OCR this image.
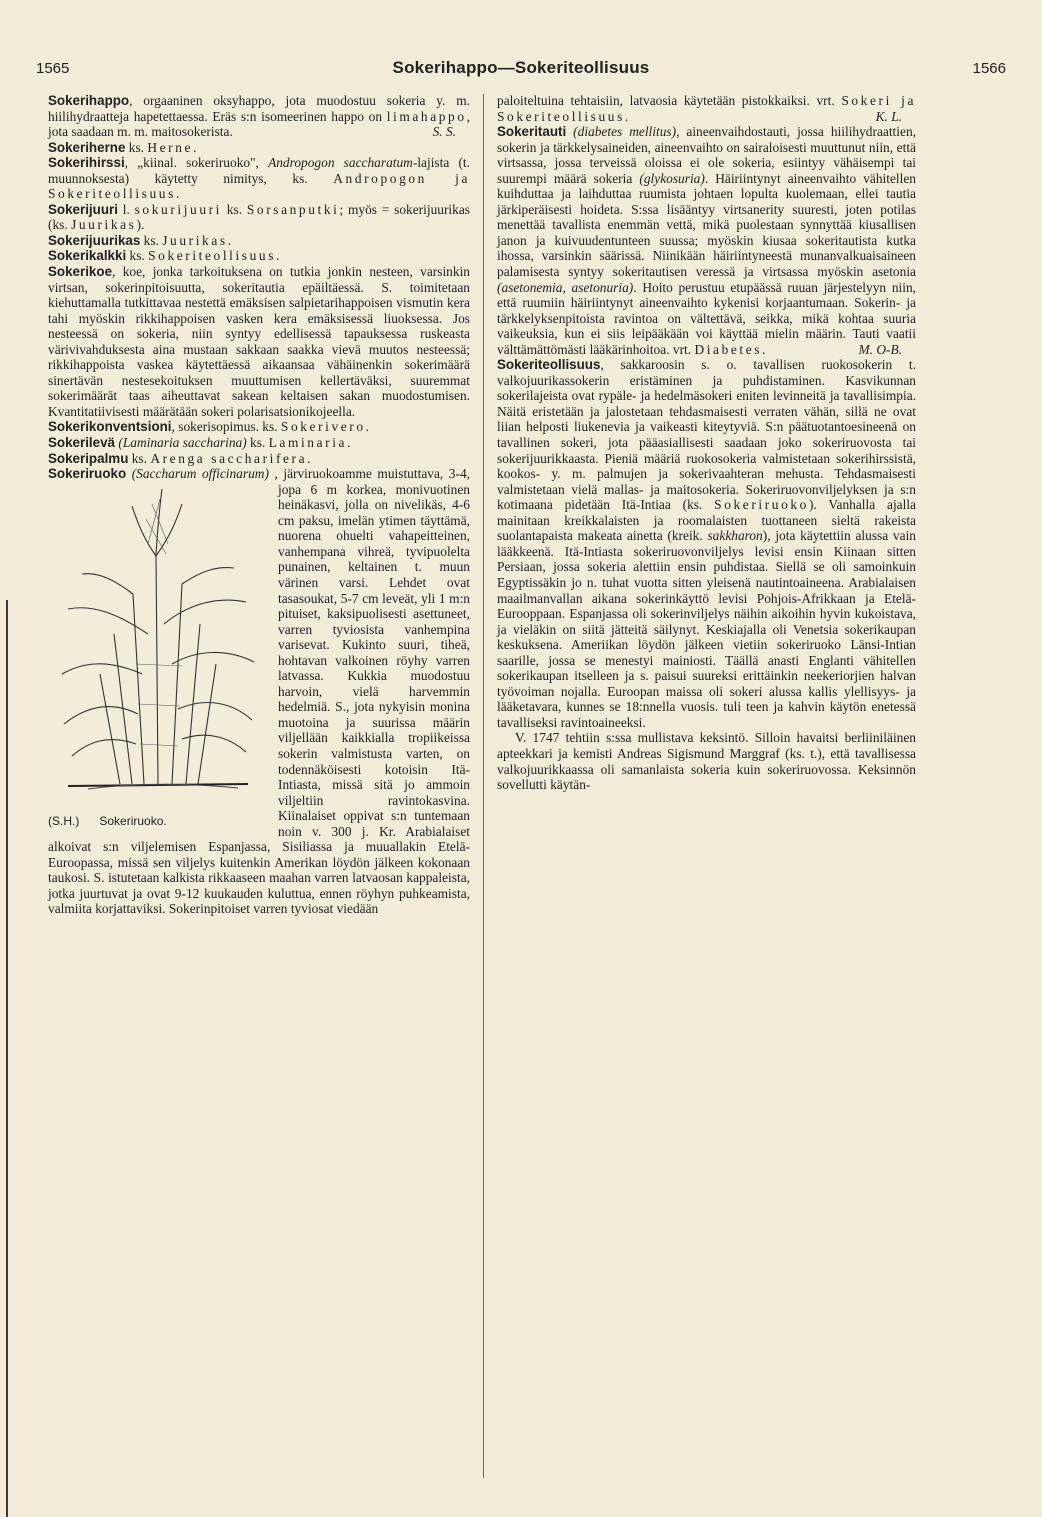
1565	Sokerihappo—Sokeriteollisuus	1566

Sokerihappo, orgaaninen oksyhappo, jota muodostuu sokeria y. m. hiilihydraatteja hapetettaessa. Eräs s:n isomeerinen happo on limahappo, jota saadaan m. m. maitosokerista.	S. S.

Sokeriherne ks. Herne.

Sokerihirssi, „kiinal. sokeriruoko", Andropogon saccharatum-lajista (t. muunnoksesta) käytetty nimitys, ks. Andropogon ja Sokeriteollisuus.

Sokerijuuri l. sokurijuuri ks. Sorsanputki; myös = sokerijuurikas (ks. Juurikas).

Sokerijuurikas ks. Juurikas.

Sokerikalkki ks. Sokeriteollisuus.

Sokerikoe, koe, jonka tarkoituksena on tutkia jonkin nesteen, varsinkin virtsan, sokerinpitoisuutta, sokeritautia epäiltäessä. S. toimitetaan kiehuttamalla tutkittavaa nestettä emäksisen salpietarihappoisen vismutin kera tahi myöskin rikkihappoisen vasken kera emäksisessä liuoksessa. Jos nesteessä on sokeria, niin syntyy edellisessä tapauksessa ruskeasta värivivahduksesta aina mustaan sakkaan saakka vievä muutos nesteessä; rikkihappoista vaskea käytettäessä aikaansaa vähäinenkin sokerimäärä sinertävän nestesekoituksen muuttumisen kellertäväksi, suuremmat sokerimäärät taas aiheuttavat sakean keltaisen sakan muodostumisen. Kvantitatiivisesti määrätään sokeri polarisatsionikojeella.

Sokerikonventsioni, sokerisopimus. ks. Sokerivero.

Sokerilevä (Laminaria saccharina) ks. Laminaria.

Sokeripalmu ks. Arenga saccharifera.

Sokeriruoko (Saccharum officinarum)
(S.H.) Sokeriruoko.
, järviruokoamme muistuttava, 3-4, jopa 6 m korkea, monivuotinen heinäkasvi, jolla on nivelikäs, 4-6 cm paksu, imelän ytimen täyttämä, nuorena ohuelti vahapeitteinen, vanhempana vihreä, tyvipuolelta punainen, keltainen t. muun värinen varsi. Lehdet ovat tasasoukat, 5-7 cm leveät, yli 1 m:n pituiset, kaksipuolisesti asettuneet, varren tyviosista vanhempina varisevat. Kukinto suuri, tiheä, hohtavan valkoinen röyhy varren latvassa. Kukkia muodostuu harvoin, vielä harvemmin hedelmiä. S., jota nykyisin monina muotoina ja suurissa määrin viljellään kaikkialla tropiikeissa sokerin valmistusta varten, on todennäköisesti kotoisin Itä-Intiasta, missä sitä jo ammoin viljeltiin ravintokasvina. Kiinalaiset oppivat s:n tuntemaan noin v. 300 j. Kr. Arabialaiset alkoivat s:n viljelemisen Espanjassa, Sisiliassa ja muuallakin Etelä-Euroopassa, missä sen viljelys kuitenkin Amerikan löydön jälkeen kokonaan taukosi. S. istutetaan kalkista rikkaaseen maahan varren latvaosan kappaleista, jotka juurtuvat ja ovat 9-12 kuukauden kuluttua, ennen röyhyn puhkeamista, valmiita korjattaviksi. Sokerinpitoiset varren tyviosat viedään

paloiteltuina tehtaisiin, latvaosia käytetään pistokkaiksi. vrt. Sokeri ja Sokeriteollisuus.	K. L.

Sokeritauti (diabetes mellitus), aineenvaihdostauti, jossa hiilihydraattien, sokerin ja tärkkelysaineiden, aineenvaihto on sairaloisesti muuttunut niin, että virtsassa, jossa terveissä oloissa ei ole sokeria, esiintyy vähäisempi tai suurempi määrä sokeria (glykosuria). Häiriintynyt aineenvaihto vähitellen kuihduttaa ja laihduttaa ruumista johtaen lopulta kuolemaan, ellei tautia järkiperäisesti hoideta. S:ssa lisääntyy virtsanerity suuresti, joten potilas menettää tavallista enemmän vettä, mikä puolestaan synnyttää kiusallisen janon ja kuivuudentunteen suussa; myöskin kiusaa sokeritautista kutka ihossa, varsinkin säärissä. Niinikään häiriintyneestä munanvalkuaisaineen palamisesta syntyy sokeritautisen veressä ja virtsassa myöskin asetonia (asetonemia, asetonuria). Hoito perustuu etupäässä ruuan järjestelyyn niin, että ruumiin häiriintynyt aineenvaihto kykenisi korjaantumaan. Sokerin- ja tärkkelyksenpitoista ravintoa on vältettävä, seikka, mikä kohtaa suuria vaikeuksia, kun ei siis leipääkään voi käyttää mielin määrin. Tauti vaatii välttämättömästi lääkärinhoitoa. vrt. Diabetes.	M. O-B.

Sokeriteollisuus, sakkaroosin s. o. tavallisen ruokosokerin t. valkojuurikassokerin eristäminen ja puhdistaminen. Kasvikunnan sokerilajeista ovat rypäle- ja hedelmäsokeri eniten levinneitä ja tavallisimpia. Näitä eristetään ja jalostetaan tehdasmaisesti verraten vähän, sillä ne ovat liian helposti liukenevia ja vaikeasti kiteytyviä. S:n päätuotantoesineenä on tavallinen sokeri, jota pääasiallisesti saadaan joko sokeriruovosta tai sokerijuurikkaasta. Pieniä määriä ruokosokeria valmistetaan sokerihirssistä, kookos- y. m. palmujen ja sokerivaahteran mehusta. Tehdasmaisesti valmistetaan vielä mallas- ja maitosokeria. Sokeriruovonviljelyksen ja s:n kotimaana pidetään Itä-Intiaa (ks. Sokeriruoko). Vanhalla ajalla mainitaan kreikkalaisten ja roomalaisten tuottaneen sieltä rakeista suolantapaista makeata ainetta (kreik. sakkharon), jota käytettiin alussa vain lääkkeenä. Itä-Intiasta sokeriruovonviljelys levisi ensin Kiinaan sitten Persiaan, jossa sokeria alettiin ensin puhdistaa. Siellä se oli samoinkuin Egyptissäkin jo n. tuhat vuotta sitten yleisenä nautintoaineena. Arabialaisen maailmanvallan aikana sokerinkäyttö levisi Pohjois-Afrikkaan ja Etelä-Eurooppaan. Espanjassa oli sokerinviljelys näihin aikoihin hyvin kukoistava, ja vieläkin on siitä jätteitä säilynyt. Keskiajalla oli Venetsia sokerikaupan keskuksena. Ameriikan löydön jälkeen vietiin sokeriruoko Länsi-Intian saarille, jossa se menestyi mainiosti. Täällä anasti Englanti vähitellen sokerikaupan itselleen ja s. paisui suureksi erittäinkin neekeriorjien halvan työvoiman nojalla. Euroopan maissa oli sokeri alussa kallis ylellisyys- ja lääketavara, kunnes se 18:nnella vuosis. tuli teen ja kahvin käytön enetessä tavalliseksi ravintoaineeksi.

V. 1747 tehtiin s:ssa mullistava keksintö. Silloin havaitsi berliiniläinen apteekkari ja kemisti Andreas Sigismund Marggraf (ks. t.), että tavallisessa valkojuurikkaassa oli samanlaista sokeria kuin sokeriruovossa. Keksinnön sovellutti käytän-
